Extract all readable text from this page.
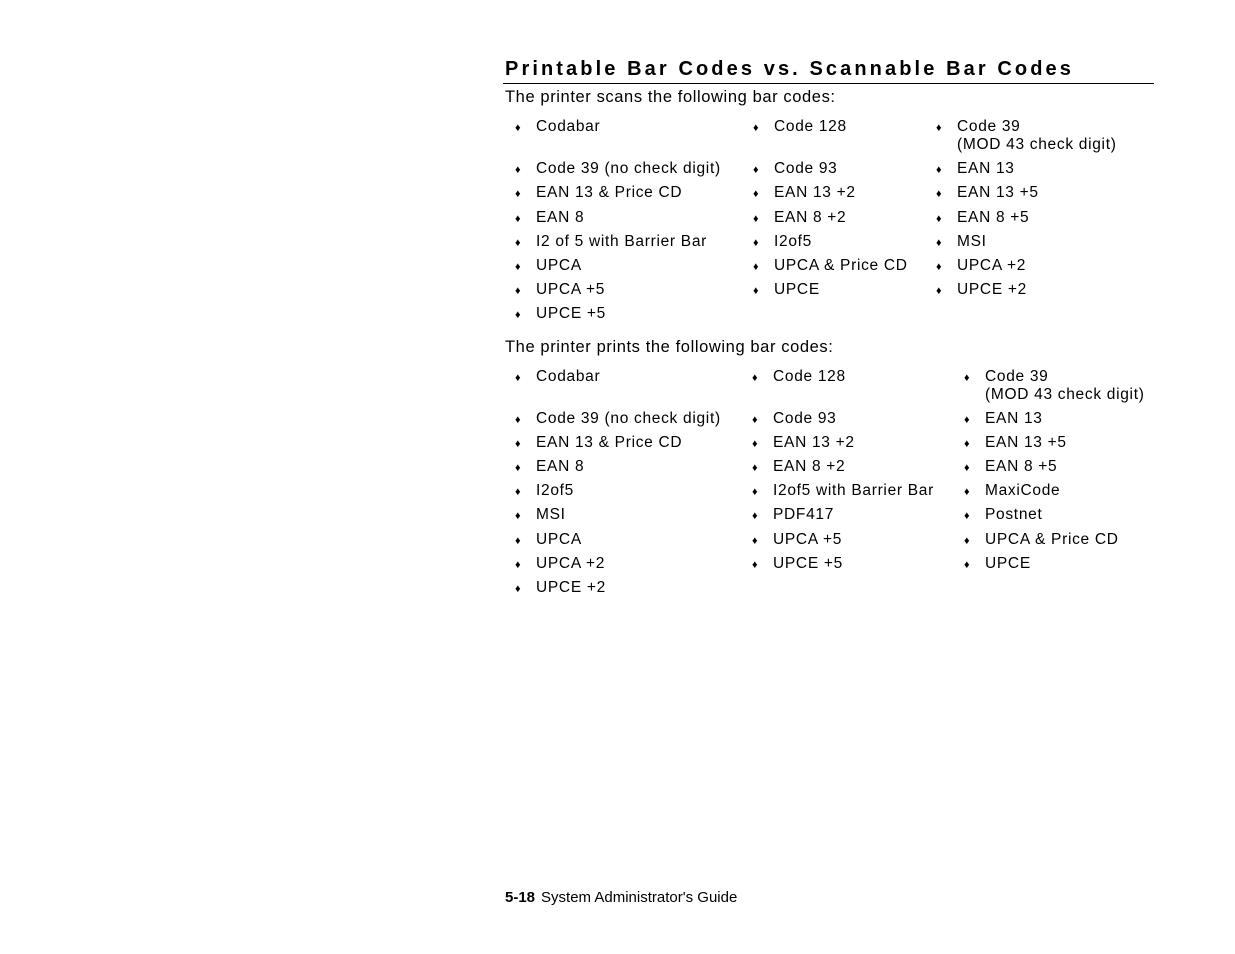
Printable Bar Codes vs. Scannable Bar Codes

The printer scans the following bar codes:

♦ Codabar	♦ Code 128	♦ Code 39
(MOD 43 check digit)
♦ Code 39 (no check digit)	♦ Code 93	♦ EAN 13
♦ EAN 13 & Price CD	♦ EAN 13 +2	♦ EAN 13 +5
♦ EAN 8	♦ EAN 8 +2	♦ EAN 8 +5
♦ I2 of 5 with Barrier Bar	♦ I2of5	♦ MSI
♦ UPCA	♦ UPCA & Price CD	♦ UPCA +2
♦ UPCA +5	♦ UPCE	♦ UPCE +2
♦ UPCE +5

The printer prints the following bar codes:

♦ Codabar	♦ Code 128	♦ Code 39
(MOD 43 check digit)
♦ Code 39 (no check digit)	♦ Code 93	♦ EAN 13
♦ EAN 13 & Price CD	♦ EAN 13 +2	♦ EAN 13 +5
♦ EAN 8	♦ EAN 8 +2	♦ EAN 8 +5
♦ I2of5	♦ I2of5 with Barrier Bar	♦ MaxiCode
♦ MSI	♦ PDF417	♦ Postnet
♦ UPCA	♦ UPCA +5	♦ UPCA & Price CD
♦ UPCA +2	♦ UPCE +5	♦ UPCE
♦ UPCE +2
5-18 System Administrator's Guide
